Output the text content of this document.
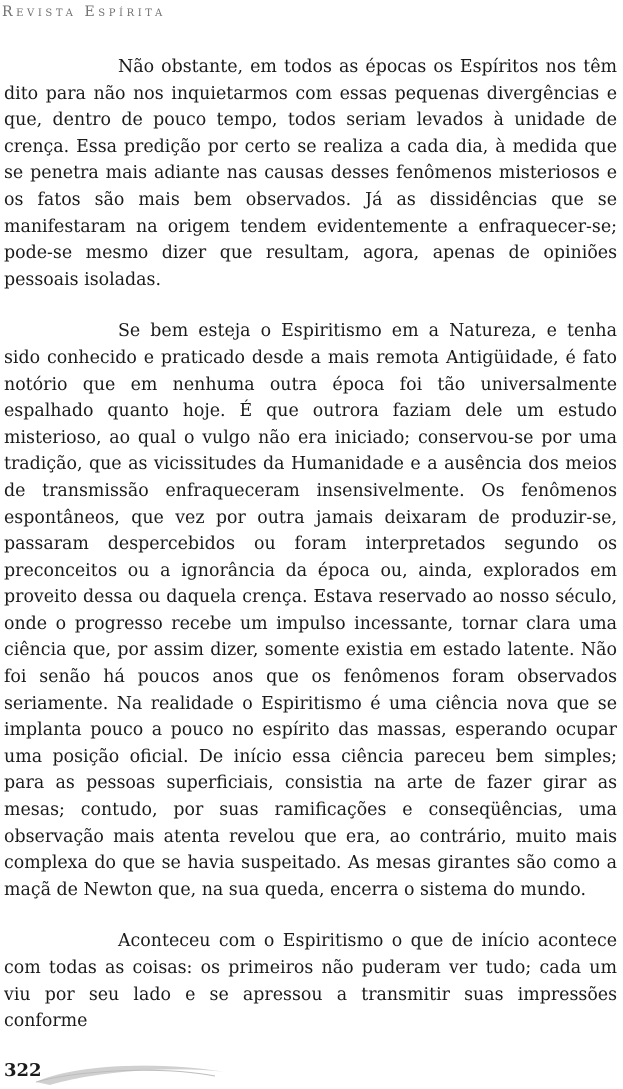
Revista Espírita

Não obstante, em todos as épocas os Espíritos nos têm dito para não nos inquietarmos com essas pequenas divergências e que, dentro de pouco tempo, todos seriam levados à unidade de crença. Essa predição por certo se realiza a cada dia, à medida que se penetra mais adiante nas causas desses fenômenos misteriosos e os fatos são mais bem observados. Já as dissidências que se manifestaram na origem tendem evidentemente a enfraquecer-se; pode-se mesmo dizer que resultam, agora, apenas de opiniões pessoais isoladas.

Se bem esteja o Espiritismo em a Natureza, e tenha sido conhecido e praticado desde a mais remota Antigüidade, é fato notório que em nenhuma outra época foi tão universalmente espalhado quanto hoje. É que outrora faziam dele um estudo misterioso, ao qual o vulgo não era iniciado; conservou-se por uma tradição, que as vicissitudes da Humanidade e a ausência dos meios de transmissão enfraqueceram insensivelmente. Os fenômenos espontâneos, que vez por outra jamais deixaram de produzir-se, passaram despercebidos ou foram interpretados segundo os preconceitos ou a ignorância da época ou, ainda, explorados em proveito dessa ou daquela crença. Estava reservado ao nosso século, onde o progresso recebe um impulso incessante, tornar clara uma ciência que, por assim dizer, somente existia em estado latente. Não foi senão há poucos anos que os fenômenos foram observados seriamente. Na realidade o Espiritismo é uma ciência nova que se implanta pouco a pouco no espírito das massas, esperando ocupar uma posição oficial. De início essa ciência pareceu bem simples; para as pessoas superficiais, consistia na arte de fazer girar as mesas; contudo, por suas ramificações e conseqüências, uma observação mais atenta revelou que era, ao contrário, muito mais complexa do que se havia suspeitado. As mesas girantes são como a maçã de Newton que, na sua queda, encerra o sistema do mundo.

Aconteceu com o Espiritismo o que de início acontece com todas as coisas: os primeiros não puderam ver tudo; cada um viu por seu lado e se apressou a transmitir suas impressões conforme

322
